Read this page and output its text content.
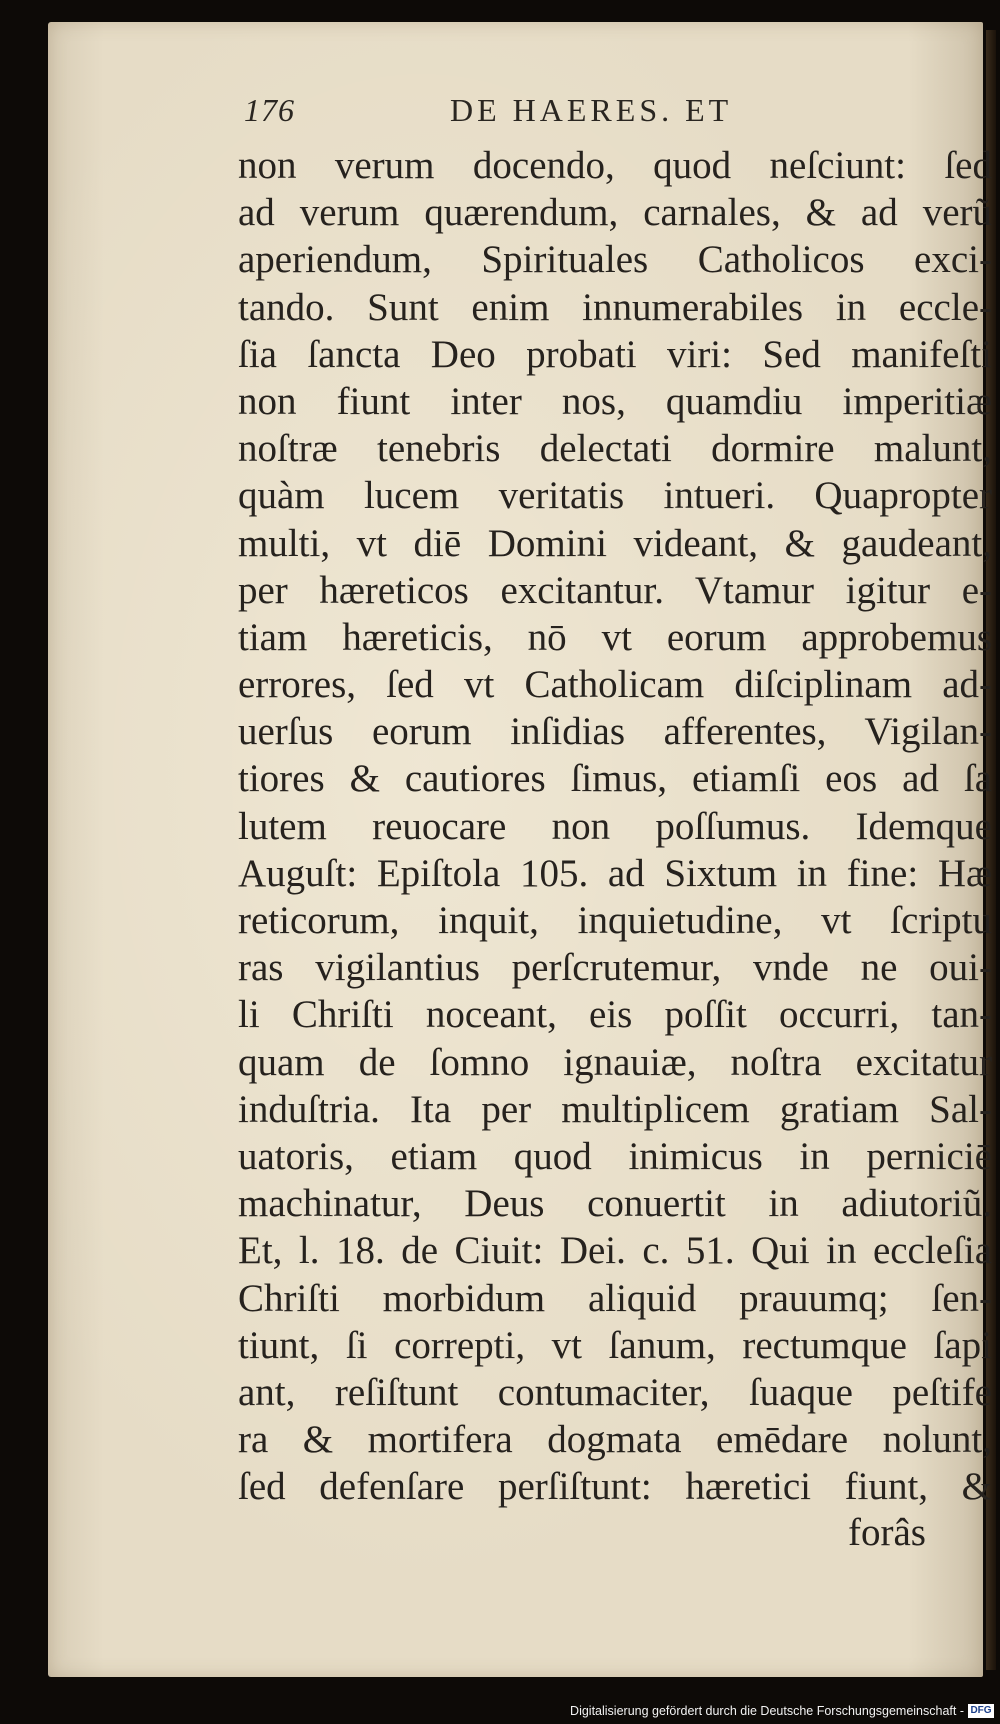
176	DE HAERES. ET
non verum docendo, quod neſciunt: ſed
ad verum quærendum, carnales, & ad verũ
aperiendum, Spirituales Catholicos exci-
tando. Sunt enim innumerabiles in eccle-
ſia ſancta Deo probati viri: Sed manifeſti
non fiunt inter nos, quamdiu imperitiæ
noſtræ tenebris delectati dormire malunt,
quàm lucem veritatis intueri. Quapropter
multi, vt diē Domini videant, & gaudeant,
per hæreticos excitantur. Vtamur igitur e-
tiam hæreticis, nō vt eorum approbemus
errores, ſed vt Catholicam diſciplinam ad-
uerſus eorum inſidias afferentes, Vigilan-
tiores & cautiores ſimus, etiamſi eos ad ſa
lutem reuocare non poſſumus. Idemque
Auguſt: Epiſtola 105. ad Sixtum in fine: Hæ
reticorum, inquit, inquietudine, vt ſcriptu
ras vigilantius perſcrutemur, vnde ne oui-
li Chriſti noceant, eis poſſit occurri, tan-
quam de ſomno ignauiæ, noſtra excitatur
induſtria. Ita per multiplicem gratiam Sal-
uatoris, etiam quod inimicus in perniciē
machinatur, Deus conuertit in adiutoriũ.
Et, l. 18. de Ciuit: Dei. c. 51. Qui in eccleſia
Chriſti morbidum aliquid prauumq; ſen-
tiunt, ſi correpti, vt ſanum, rectumque ſapi
ant, reſiſtunt contumaciter, ſuaque peſtife
ra & mortifera dogmata emēdare nolunt,
ſed defenſare perſiſtunt: hæretici fiunt, &
forâs
Digitalisierung gefördert durch die Deutsche Forschungsgemeinschaft - DFG
